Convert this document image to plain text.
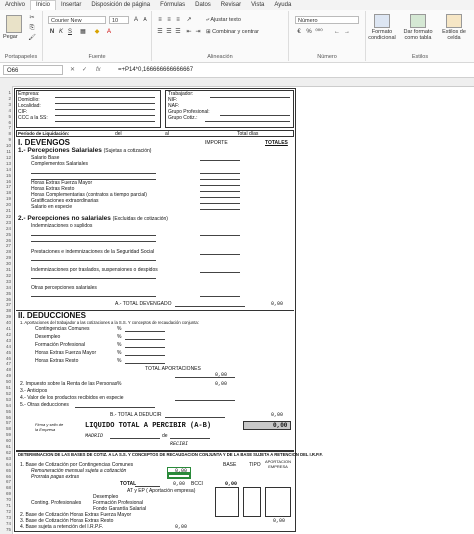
Archivo	Inicio	Insertar	Disposición de página	Fórmulas	Datos	Revisar	Vista	Ayuda
Pegar
✂
⎘
🖌
Portapapeles
Courier New	10	A	A
N K S	▦ ◆	A
Fuente
≡ ≡ ≡	↗	⤶ Ajustar texto
☰ ☰ ☰ ⇤ ⇥ ⊞ Combinar y centrar
Alineación
Número
€ % ⁰⁰⁰ ← →
Número
Formato condicional
Dar formato como tabla
Estilos de celda
Estilos
O66	✕ ✓ fx	=+P14*0,166666666666667
1
2
3
4
5
6
7
8
9
10
11
12
13
14
15
16
17
18
19
20
21
22
23
24
25
26
27
28
29
30
31
32
33
34
35
36
37
38
39
40
41
42
43
44
45
46
47
48
49
50
51
52
53
54
55
56
57
58
59
60
61
62
63
64
65
66
67
68
69
70
71
72
73
74
75
Empresa:
Domicilio:
Localidad:
CIF:
CCC a la SS:
Trabajador:
NIF:
NAF:
Grupo Profesional:
Grupo Cotiz.:
Período de Liquidación:	del	al	Total días
I. DEVENGOS	IMPORTE	TOTALES
1.- Percepciones Salariales (Sujetas a cotización)
Salario Base
Complementos Salariales
Horas Extras Fuerza Mayor
Horas Extras Resto
Horas Complementarias (contratos a tiempo parcial)
Gratificaciones extraordinarias
Salario en especie
2.- Percepciones no salariales (Excluidas de cotización)
Indemnizaciones o suplidos
Prestaciones e indemnizaciones de la Seguridad Social
Indemnizaciones por traslados, suspensiones o despidos
Otras percepciones salariales
A.- TOTAL DEVENGADO	0,00
II. DEDUCCIONES
1. Aportaciones del trabajador a las cotizaciones a la S.S. Y conceptos de recaudación conjunta:
Contingencias Comunes	%
Desempleo	%
Formación Profesional	%
Horas Extras Fuerza Mayor	%
Horas Extras Resto	%
TOTAL APORTACIONES
0,00
2. Impuesto sobre la Renta de las Personas %	0,00
3.- Anticipos
4.- Valor de los productos recibidos en especie
5.- Otras deducciones
B.- TOTAL A DEDUCIR	0,00
Firma y sello de la Empresa	LIQUIDO TOTAL A PERCIBIR (A-B)	0,00
MADRID	de
RECIBI
DETERMINACION DE LAS BASES DE COTIZ. A LA S.S. Y CONCEPTOS DE RECAUDACION CONJUNTA Y DE LA BASE SUJETA A RETENCION DEL I.R.P.F.
1. Base de Cotización por Contingencias Comunes	BASE	TIPO
APORTACION EMPRESA
Remuneración mensual sujeta a cotización	0,00
Prorrata pagas extras
TOTAL	0,00 BCCI	0,00
AT y EP ( Aportación empresa)
Desempleo
Conting. Profesionales Formación Profesional
Fondo Garantía Salarial
2. Base de Cotización Horas Extras Fuerza Mayor
3. Base de Cotización Horas Extras Resto
4. Base sujeta a retención del I.R.P.F.	0,00
0,00
